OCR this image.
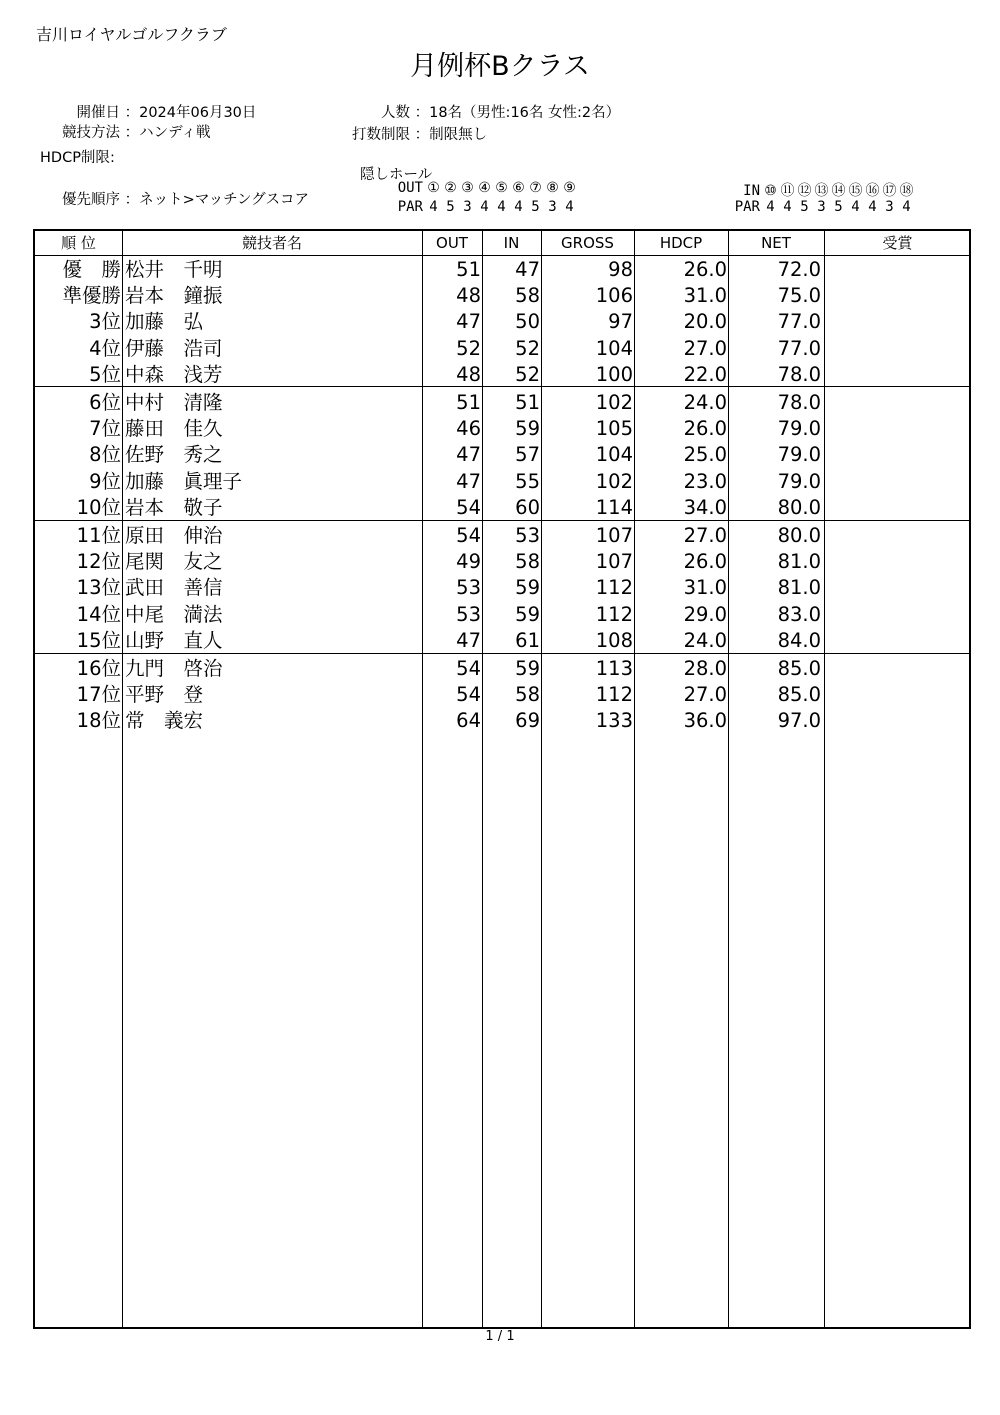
吉川ロイヤルゴルフクラブ
月例杯Bクラス
開催日 ：2024年06月30日	人数 ：18名（男性:16名 女性:2名）
競技方法 ：ハンディ戦	打数制限 ：制限無し
HDCP制限:
隠しホール
優先順序 ：ネット>マッチングスコア
OUT ① ② ③ ④ ⑤ ⑥ ⑦ ⑧ ⑨
PAR 4 5 3 4 4 4 5 3 4
IN ⑩ ⑪ ⑫ ⑬ ⑭ ⑮ ⑯ ⑰ ⑱
PAR 4 4 5 3 5 4 4 3 4
順 位	競技者名	OUT	IN	GROSS	HDCP	NET	受賞
優　勝 松井　千明	51	47	98	26.0	72.0
準優勝 岩本　鐘振	48	58	106	31.0	75.0
3位 加藤　弘	47	50	97	20.0	77.0
4位 伊藤　浩司	52	52	104	27.0	77.0
5位 中森　浅芳	48	52	100	22.0	78.0
6位 中村　清隆	51	51	102	24.0	78.0
7位 藤田　佳久	46	59	105	26.0	79.0
8位 佐野　秀之	47	57	104	25.0	79.0
9位 加藤　眞理子	47	55	102	23.0	79.0
10位 岩本　敬子	54	60	114	34.0	80.0
11位 原田　伸治	54	53	107	27.0	80.0
12位 尾関　友之	49	58	107	26.0	81.0
13位 武田　善信	53	59	112	31.0	81.0
14位 中尾　満法	53	59	112	29.0	83.0
15位 山野　直人	47	61	108	24.0	84.0
16位 九門　啓治	54	59	113	28.0	85.0
17位 平野　登	54	58	112	27.0	85.0
18位 常　義宏	64	69	133	36.0	97.0
1 / 1
